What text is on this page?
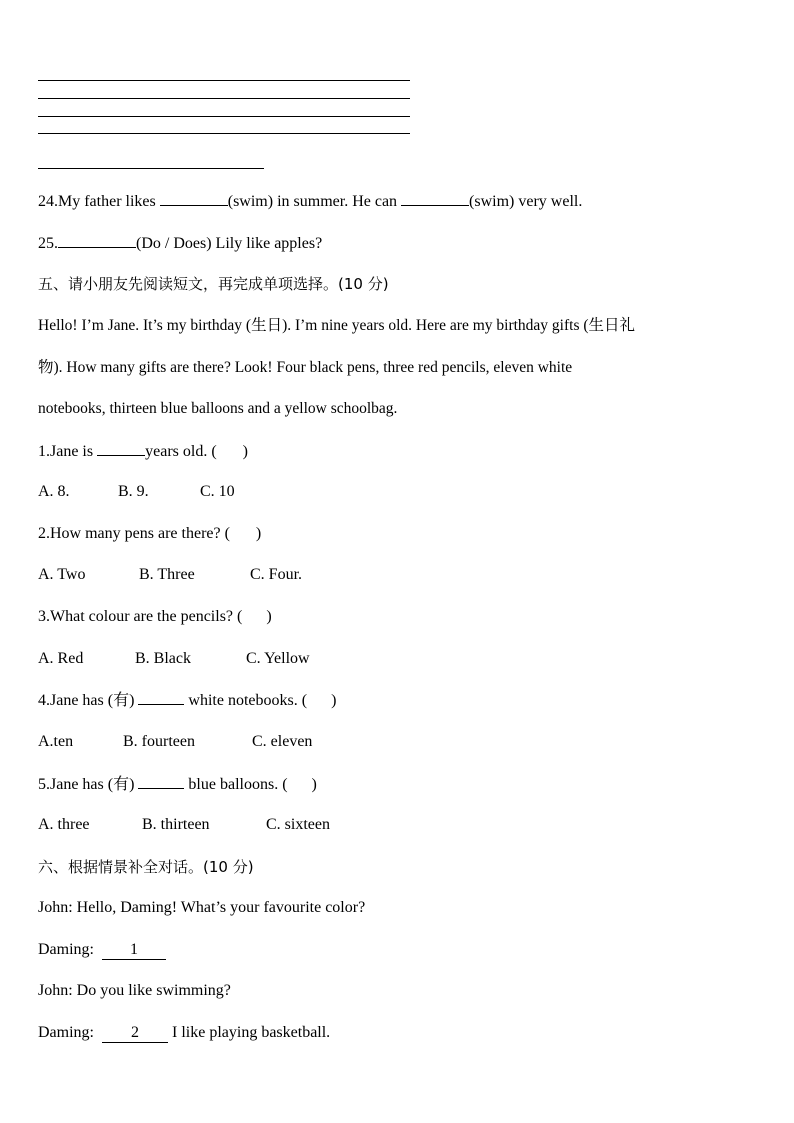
24.My father likes	(swim) in summer. He can	(swim) very well.
25.	(Do / Does) Lily like apples?
五、请小朋友先阅读短文，再完成单项选择。(10 分)
Hello! I’m Jane. It’s my birthday (生日). I’m nine years old. Here are my birthday gifts (生日礼
物). How many gifts are there? Look! Four black pens, three red pencils, eleven white
notebooks, thirteen blue balloons and a yellow schoolbag.
1.Jane is	years old. ( )
A. 8.	B. 9.	C. 10
2.How many pens are there? ( )
A. Two	B. Three	C. Four.
3.What colour are the pencils? ( )
A. Red	B. Black	C. Yellow
4.Jane has (有)	white notebooks. ( )
A.ten	B. fourteen	C. eleven
5.Jane has (有)	blue balloons. ( )
A. three	B. thirteen	C. sixteen
六、根据情景补全对话。(10 分)
John: Hello, Daming! What’s your favourite color?
Daming: 1
John: Do you like swimming?
Daming: 2 I like playing basketball.
